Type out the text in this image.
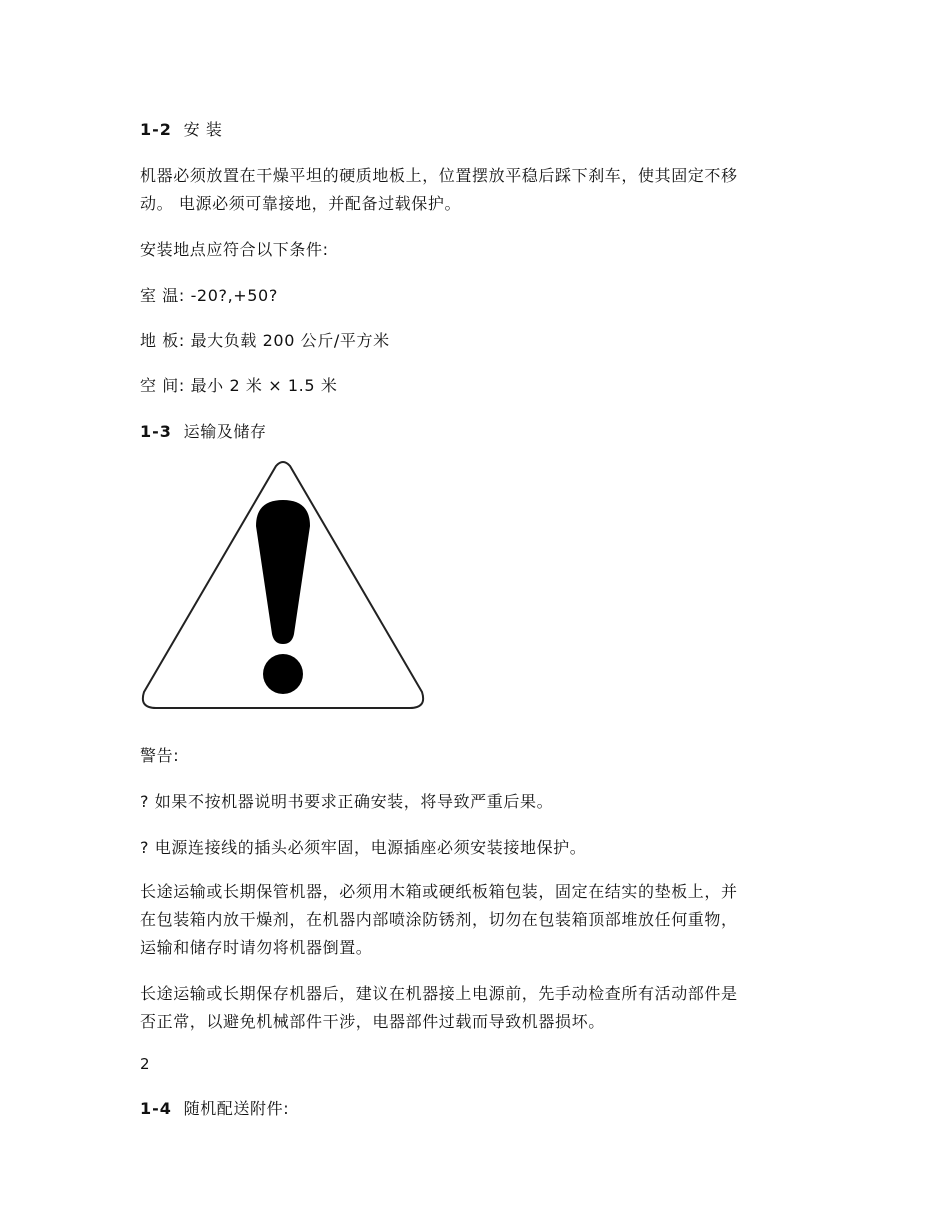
1-2 安 装
机器必须放置在干燥平坦的硬质地板上，位置摆放平稳后踩下刹车，使其固定不移
动。 电源必须可靠接地，并配备过载保护。
安装地点应符合以下条件:
室 温: -20?,+50?
地 板: 最大负载 200 公斤/平方米
空 间: 最小 2 米 × 1.5 米
1-3 运输及储存
警告:
? 如果不按机器说明书要求正确安装，将导致严重后果。
? 电源连接线的插头必须牢固，电源插座必须安装接地保护。
长途运输或长期保管机器，必须用木箱或硬纸板箱包装，固定在结实的垫板上，并
在包装箱内放干燥剂，在机器内部喷涂防锈剂，切勿在包装箱顶部堆放任何重物，
运输和储存时请勿将机器倒置。
长途运输或长期保存机器后，建议在机器接上电源前，先手动检查所有活动部件是
否正常，以避免机械部件干涉，电器部件过载而导致机器损坏。
2
1-4 随机配送附件:
